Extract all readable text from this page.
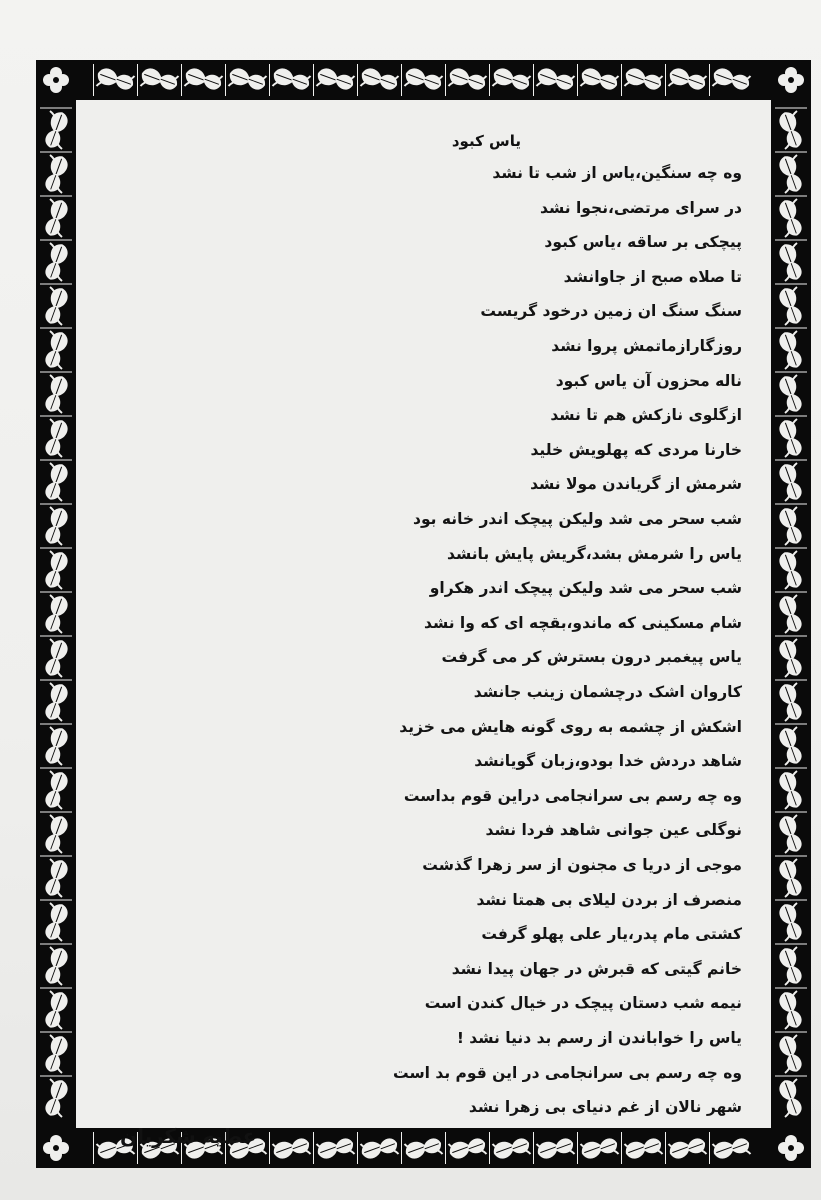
یاس کبود
وه چه سنگین،یاس از شب تا نشد
در سرای مرتضی،نجوا نشد
پیچکی بر ساقه ،یاس کبود
تا صلاه صبح از جاوانشد
سنگ سنگ ان زمین درخود گریست
روزگارازماتمش پروا نشد
ناله محزون آن یاس کبود
ازگلوی نازکش هم تا نشد
خارنا مردی که پهلویش خلید
شرمش از گریاندن مولا نشد
شب سحر می شد ولیکن پیچک اندر خانه بود
یاس را شرمش بشد،گریش پایش بانشد
شب سحر می شد ولیکن پیچک اندر هکراو
شام مسکینی که ماندو،بقچه ای که وا نشد
یاس پیغمبر درون بسترش کر می گرفت
کاروان اشک درچشمان زینب جانشد
اشکش از چشمه به روی گونه هایش می خزید
شاهد دردش خدا بودو،زبان گویانشد
وه چه رسم بی سرانجامی دراین قوم بداست
نوگلی عین جوانی شاهد فردا نشد
موجی از دریا ی مجنون از سر زهرا گذشت
منصرف از بردن لیلای بی همتا نشد
کشتی مام پدر،یار علی پهلو گرفت
خانم گیتی که قبرش در جهان پیدا نشد
نیمه شب دستان پیچک در خیال کندن است
یاس را خواباندن از رسم بد دنیا نشد !
وه چه رسم بی سرانجامی در این قوم بد است
شهر نالان از غم دنیای بی زهرا نشد
عطیه شکریان
